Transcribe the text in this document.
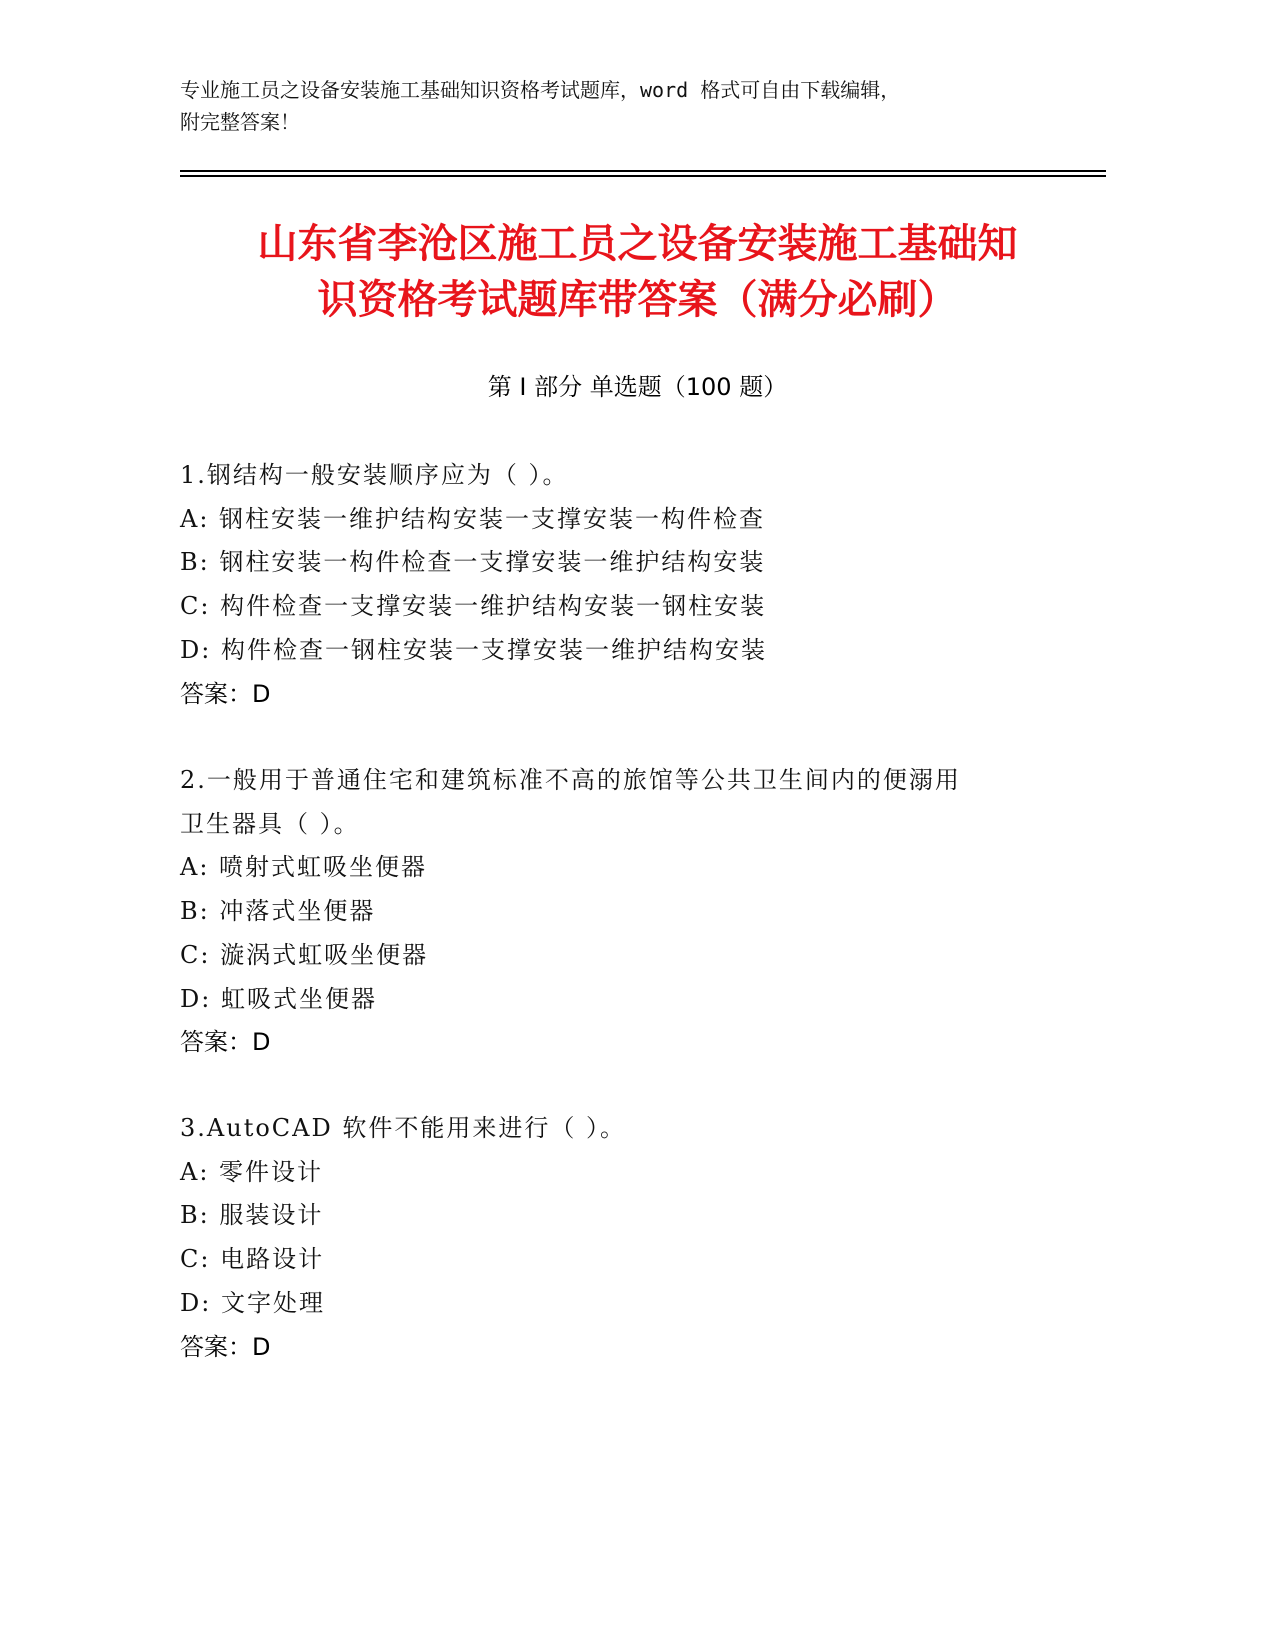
专业施工员之设备安装施工基础知识资格考试题库，word 格式可自由下载编辑，
附完整答案！
山东省李沧区施工员之设备安装施工基础知
识资格考试题库带答案（满分必刷）
第 I 部分 单选题（100 题）
1.钢结构一般安装顺序应为（ ）。
A: 钢柱安装一维护结构安装一支撑安装一构件检查
B: 钢柱安装一构件检查一支撑安装一维护结构安装
C: 构件检查一支撑安装一维护结构安装一钢柱安装
D: 构件检查一钢柱安装一支撑安装一维护结构安装
答案：D
2.一般用于普通住宅和建筑标准不高的旅馆等公共卫生间内的便溺用
卫生器具（ ）。
A: 喷射式虹吸坐便器
B: 冲落式坐便器
C: 漩涡式虹吸坐便器
D: 虹吸式坐便器
答案：D
3.AutoCAD 软件不能用来进行（ ）。
A: 零件设计
B: 服装设计
C: 电路设计
D: 文字处理
答案：D
